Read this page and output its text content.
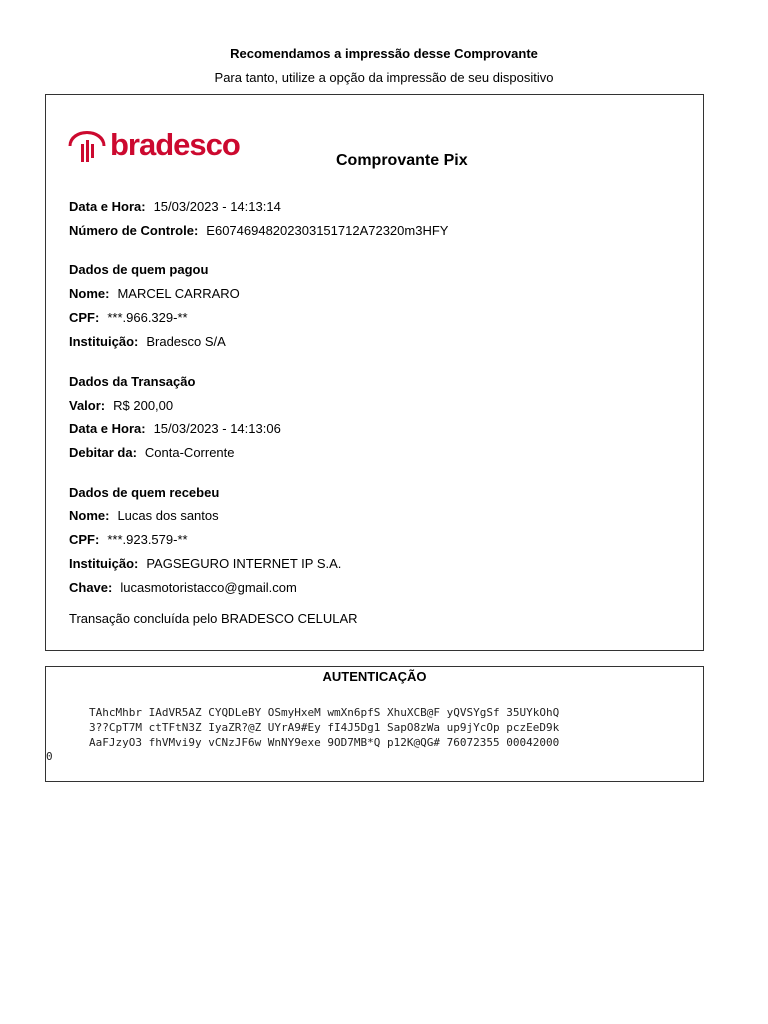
Recomendamos a impressão desse Comprovante
Para tanto, utilize a opção da impressão de seu dispositivo
bradesco	Comprovante Pix
Data e Hora: 15/03/2023 - 14:13:14
Número de Controle: E60746948202303151712A72320m3HFY
Dados de quem pagou
Nome: MARCEL CARRARO
CPF: ***.966.329-**
Instituição: Bradesco S/A
Dados da Transação
Valor: R$ 200,00
Data e Hora: 15/03/2023 - 14:13:06
Debitar da: Conta-Corrente
Dados de quem recebeu
Nome: Lucas dos santos
CPF: ***.923.579-**
Instituição: PAGSEGURO INTERNET IP S.A.
Chave: lucasmotoristacco@gmail.com
Transação concluída pelo BRADESCO CELULAR
AUTENTICAÇÃO
TAhcMhbr IAdVR5AZ CYQDLeBY OSmyHxeM wmXn6pfS XhuXCB@F yQVSYgSf 35UYkOhQ
3??CpT7M ctTFtN3Z IyaZR?@Z UYrA9#Ey fI4J5Dg1 SapO8zWa up9jYcOp pczEeD9k
AaFJzyO3 fhVMvi9y vCNzJF6w WnNY9exe 9OD7MB*Q p12K@QG# 76072355 00042000
0
